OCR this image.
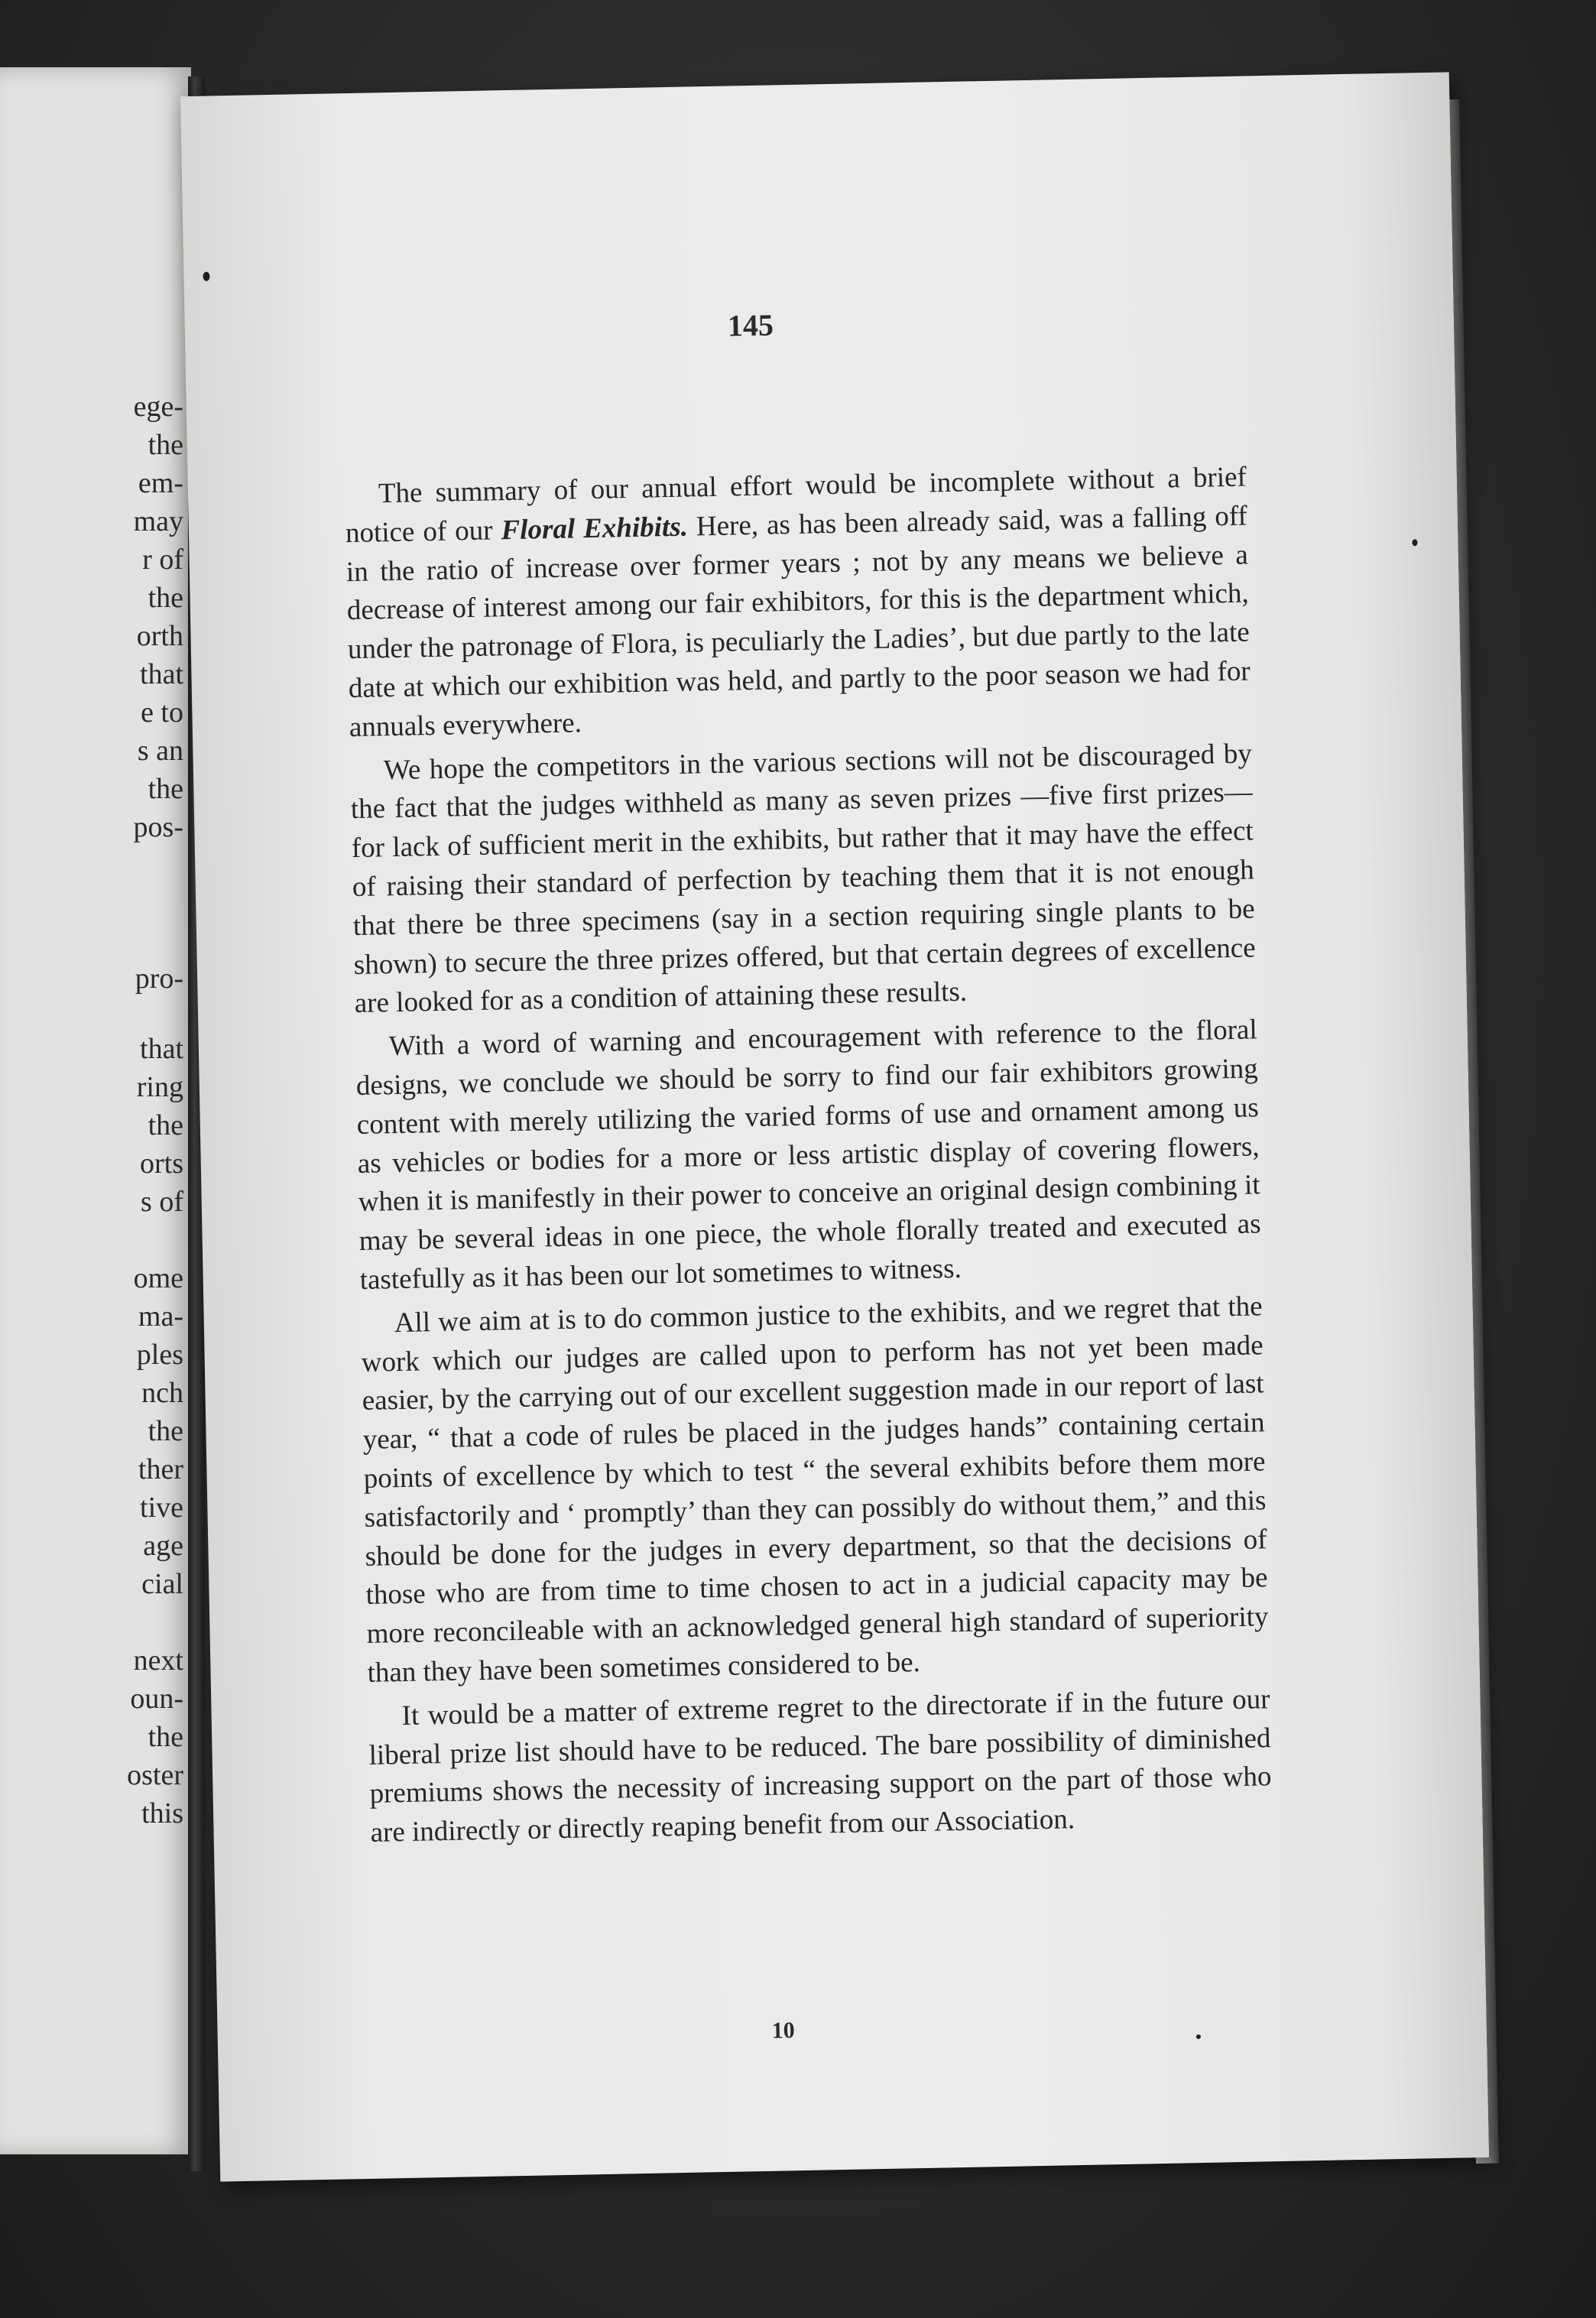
ege-
the
em-
may
r of
the
orth
that
e to
s an
the
pos-
pro-
that
ring
the
orts
s of
ome
ma-
ples
nch
the
ther
tive
age
cial
next
oun-
the
oster
this
145

The summary of our annual effort would be incomplete without a brief notice of our Floral Exhibits. Here, as has been already said, was a falling off in the ratio of increase over former years ; not by any means we believe a decrease of interest among our fair exhibitors, for this is the department which, under the patronage of Flora, is peculiarly the Ladies’, but due partly to the late date at which our exhibition was held, and partly to the poor season we had for annuals everywhere.

We hope the competitors in the various sections will not be discouraged by the fact that the judges withheld as many as seven prizes —five first prizes—for lack of sufficient merit in the exhibits, but rather that it may have the effect of raising their standard of perfection by teaching them that it is not enough that there be three specimens (say in a section requiring single plants to be shown) to secure the three prizes offered, but that certain degrees of excellence are looked for as a condition of attaining these results.

With a word of warning and encouragement with reference to the floral designs, we conclude we should be sorry to find our fair exhibitors growing content with merely utilizing the varied forms of use and ornament among us as vehicles or bodies for a more or less artistic display of covering flowers, when it is manifestly in their power to conceive an original design combining it may be several ideas in one piece, the whole florally treated and executed as tastefully as it has been our lot sometimes to witness.

All we aim at is to do common justice to the exhibits, and we regret that the work which our judges are called upon to perform has not yet been made easier, by the carrying out of our excellent suggestion made in our report of last year, “ that a code of rules be placed in the judges hands” containing certain points of excellence by which to test “ the several exhibits before them more satisfactorily and ‘ promptly’ than they can possibly do without them,” and this should be done for the judges in every department, so that the decisions of those who are from time to time chosen to act in a judicial capacity may be more reconcileable with an acknowledged general high standard of superiority than they have been sometimes considered to be.

It would be a matter of extreme regret to the directorate if in the future our liberal prize list should have to be reduced. The bare possibility of diminished premiums shows the necessity of increasing support on the part of those who are indirectly or directly reaping benefit from our Association.

10
